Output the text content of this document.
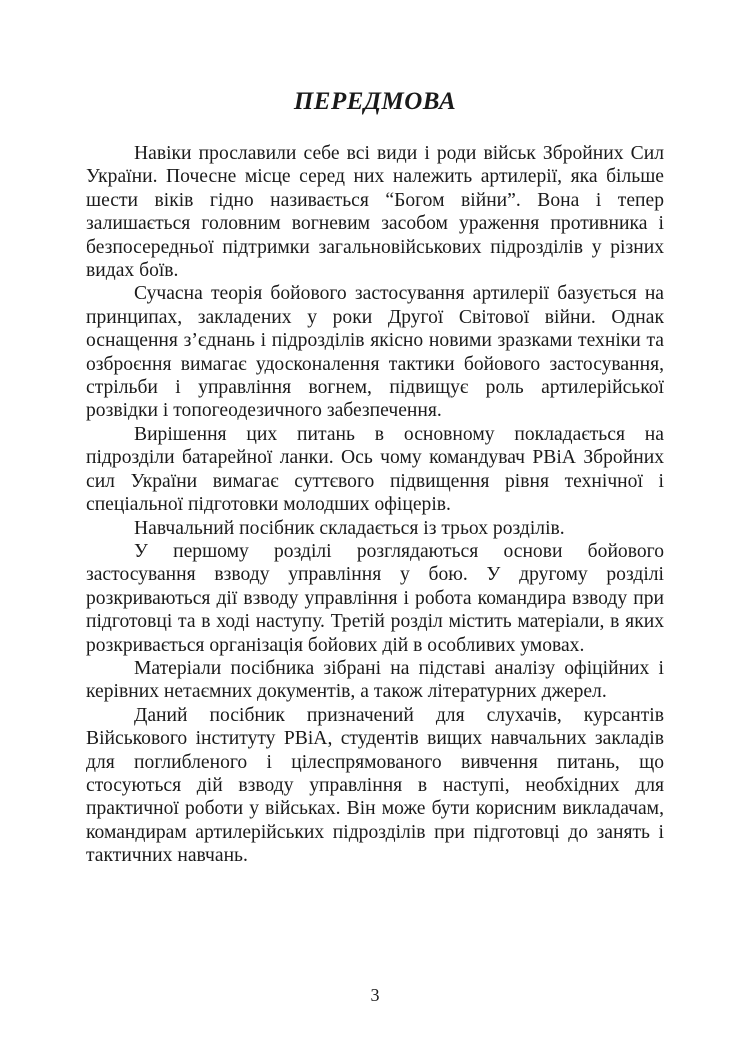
ПЕРЕДМОВА

Навіки прославили себе всі види і роди військ Збройних Сил України. Почесне місце серед них належить артилерії, яка більше шести віків гідно називається “Богом війни”. Вона і тепер залишається головним вогневим засобом ураження противника і безпосередньої підтримки загальновійськових підрозділів у різних видах боїв.

Сучасна теорія бойового застосування артилерії базується на принципах, закладених у роки Другої Світової війни. Однак оснащення з’єднань і підрозділів якісно новими зразками техніки та озброєння вимагає удосконалення тактики бойового застосування, стрільби і управління вогнем, підвищує роль артилерійської розвідки і топогеодезичного забезпечення.

Вирішення цих питань в основному покладається на підрозділи батарейної ланки. Ось чому командувач РВіА Збройних сил України вимагає суттєвого підвищення рівня технічної і спеціальної підготовки молодших офіцерів.

Навчальний посібник складається із трьох розділів.

У першому розділі розглядаються основи бойового застосування взводу управління у бою. У другому розділі розкриваються дії взводу управління і робота командира взводу при підготовці та в ході наступу. Третій розділ містить матеріали, в яких розкривається організація бойових дій в особливих умовах.

Матеріали посібника зібрані на підставі аналізу офіційних і керівних нетаємних документів, а також літературних джерел.

Даний посібник призначений для слухачів, курсантів Військового інституту РВіА, студентів вищих навчальних закладів для поглибленого і цілеспрямованого вивчення питань, що стосуються дій взводу управління в наступі, необхідних для практичної роботи у військах. Він може бути корисним викладачам, командирам артилерійських підрозділів при підготовці до занять і тактичних навчань.

3
